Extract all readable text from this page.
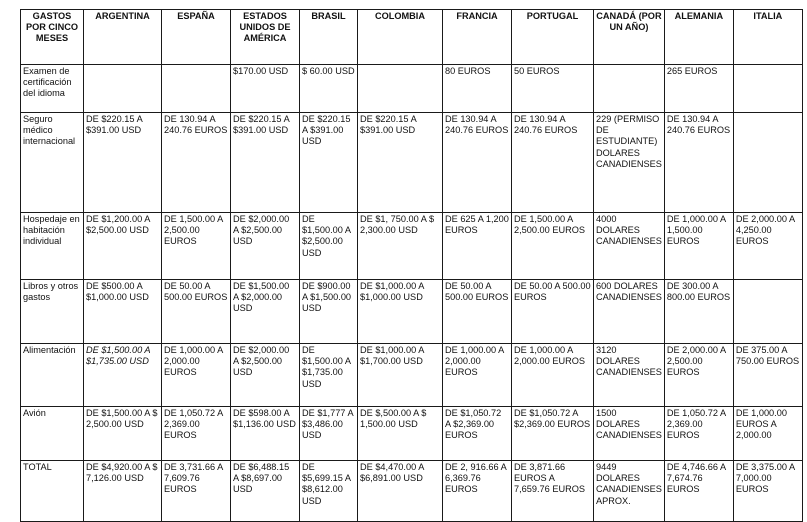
GASTOS POR CINCO MESES	ARGENTINA	ESPAÑA	ESTADOS UNIDOS DE AMÉRICA	BRASIL	COLOMBIA	FRANCIA	PORTUGAL	CANADÁ (POR UN AÑO)	ALEMANIA	ITALIA
Examen de certificación del idioma			$170.00 USD	$ 60.00 USD		80 EUROS	50 EUROS		265 EUROS	
Seguro médico internacional	DE $220.15 A $391.00 USD	DE 130.94 A 240.76 EUROS	DE $220.15 A $391.00 USD	DE $220.15 A $391.00 USD	DE $220.15 A $391.00 USD	DE 130.94 A 240.76 EUROS	DE 130.94 A 240.76 EUROS	229 (PERMISO DE ESTUDIANTE) DOLARES CANADIENSES	DE 130.94 A 240.76 EUROS	
Hospedaje en habitación individual	DE $1,200.00 A $2,500.00 USD	DE 1,500.00 A 2,500.00 EUROS	DE $2,000.00 A $2,500.00 USD	DE $1,500.00 A $2,500.00 USD	DE $1, 750.00 A $ 2,300.00 USD	DE 625 A 1,200 EUROS	DE 1,500.00 A 2,500.00 EUROS	4000 DOLARES CANADIENSES	DE 1,000.00 A 1,500.00 EUROS	DE 2,000.00 A 4,250.00 EUROS
Libros y otros gastos	DE $500.00 A $1,000.00 USD	DE 50.00 A 500.00 EUROS	DE $1,500.00 A $2,000.00 USD	DE $900.00 A $1,500.00 USD	DE $1,000.00 A $1,000.00 USD	DE 50.00 A 500.00 EUROS	DE 50.00 A 500.00 EUROS	600 DOLARES CANADIENSES	DE 300.00 A 800.00 EUROS	
Alimentación	DE $1,500.00 A $1,735.00 USD	DE 1,000.00 A 2,000.00 EUROS	DE $2,000.00 A $2,500.00 USD	DE $1,500.00 A $1,735.00 USD	DE $1,000.00 A $1,700.00 USD	DE 1,000.00 A 2,000.00 EUROS	DE 1,000.00 A 2,000.00 EUROS	3120 DOLARES CANADIENSES	DE 2,000.00 A 2,500.00 EUROS	DE 375.00 A 750.00 EUROS
Avión	DE $1,500.00 A $ 2,500.00 USD	DE 1,050.72 A 2,369.00 EUROS	DE $598.00 A $1,136.00 USD	DE $1,777 A $3,486.00 USD	DE $,500.00 A $ 1,500.00 USD	DE $1,050.72 A $2,369.00 EUROS	DE $1,050.72 A $2,369.00 EUROS	1500 DOLARES CANADIENSES	DE 1,050.72 A 2,369.00 EUROS	DE 1,000.00 EUROS A 2,000.00
TOTAL	DE $4,920.00 A $ 7,126.00 USD	DE 3,731.66 A 7,609.76 EUROS	DE $6,488.15 A $8,697.00 USD	DE $5,699.15 A $8,612.00 USD	DE $4,470.00 A $6,891.00 USD	DE 2, 916.66 A 6,369.76 EUROS	DE 3,871.66 EUROS A 7,659.76 EUROS	9449 DOLARES CANADIENSES APROX.	DE 4,746.66 A 7,674.76 EUROS	DE 3,375.00 A 7,000.00 EUROS
